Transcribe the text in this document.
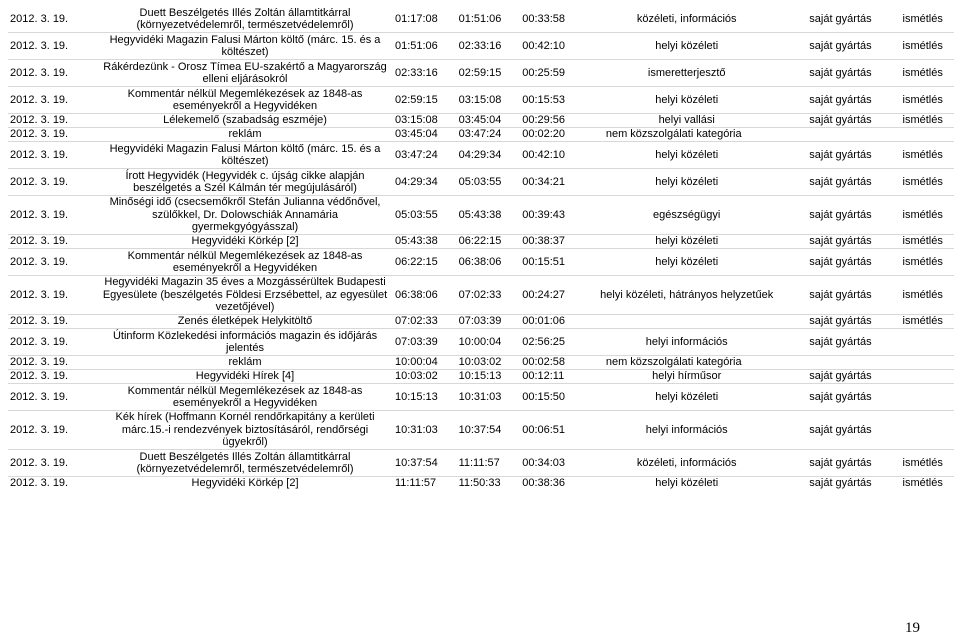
2012. 3. 19.	Duett Beszélgetés Illés Zoltán államtitkárral (környezetvédelemről, természetvédelemről)	01:17:08	01:51:06	00:33:58	közéleti, információs	saját gyártás	ismétlés
2012. 3. 19.	Hegyvidéki Magazin Falusi Márton költő (márc. 15. és a költészet)	01:51:06	02:33:16	00:42:10	helyi közéleti	saját gyártás	ismétlés
2012. 3. 19.	Rákérdezünk - Orosz Tímea EU-szakértő a Magyarország elleni eljárásokról	02:33:16	02:59:15	00:25:59	ismeretterjesztő	saját gyártás	ismétlés
2012. 3. 19.	Kommentár nélkül Megemlékezések az 1848-as eseményekről a Hegyvidéken	02:59:15	03:15:08	00:15:53	helyi közéleti	saját gyártás	ismétlés
2012. 3. 19.	Lélekemelő (szabadság eszméje)	03:15:08	03:45:04	00:29:56	helyi vallási	saját gyártás	ismétlés
2012. 3. 19.	reklám	03:45:04	03:47:24	00:02:20	nem közszolgálati kategória		
2012. 3. 19.	Hegyvidéki Magazin Falusi Márton költő (márc. 15. és a költészet)	03:47:24	04:29:34	00:42:10	helyi közéleti	saját gyártás	ismétlés
2012. 3. 19.	Írott Hegyvidék (Hegyvidék c. újság cikke alapján beszélgetés a Szél Kálmán tér megújulásáról)	04:29:34	05:03:55	00:34:21	helyi közéleti	saját gyártás	ismétlés
2012. 3. 19.	Minőségi idő (csecsemőkről Stefán Julianna védőnővel, szülőkkel, Dr. Dolowschiák Annamária gyermekgyógyásszal)	05:03:55	05:43:38	00:39:43	egészségügyi	saját gyártás	ismétlés
2012. 3. 19.	Hegyvidéki Körkép [2]	05:43:38	06:22:15	00:38:37	helyi közéleti	saját gyártás	ismétlés
2012. 3. 19.	Kommentár nélkül Megemlékezések az 1848-as eseményekről a Hegyvidéken	06:22:15	06:38:06	00:15:51	helyi közéleti	saját gyártás	ismétlés
2012. 3. 19.	Hegyvidéki Magazin 35 éves a Mozgássérültek Budapesti Egyesülete (beszélgetés Földesi Erzsébettel, az egyesület vezetőjével)	06:38:06	07:02:33	00:24:27	helyi közéleti, hátrányos helyzetűek	saját gyártás	ismétlés
2012. 3. 19.	Zenés életképek Helykitöltő	07:02:33	07:03:39	00:01:06		saját gyártás	ismétlés
2012. 3. 19.	Útinform Közlekedési információs magazin és időjárás jelentés	07:03:39	10:00:04	02:56:25	helyi információs	saját gyártás	
2012. 3. 19.	reklám	10:00:04	10:03:02	00:02:58	nem közszolgálati kategória		
2012. 3. 19.	Hegyvidéki Hírek [4]	10:03:02	10:15:13	00:12:11	helyi hírműsor	saját gyártás	
2012. 3. 19.	Kommentár nélkül Megemlékezések az 1848-as eseményekről a Hegyvidéken	10:15:13	10:31:03	00:15:50	helyi közéleti	saját gyártás	
2012. 3. 19.	Kék hírek (Hoffmann Kornél rendőrkapitány a kerületi márc.15.-i rendezvények biztosításáról, rendőrségi ügyekről)	10:31:03	10:37:54	00:06:51	helyi információs	saját gyártás	
2012. 3. 19.	Duett Beszélgetés Illés Zoltán államtitkárral (környezetvédelemről, természetvédelemről)	10:37:54	11:11:57	00:34:03	közéleti, információs	saját gyártás	ismétlés
2012. 3. 19.	Hegyvidéki Körkép [2]	11:11:57	11:50:33	00:38:36	helyi közéleti	saját gyártás	ismétlés
19
